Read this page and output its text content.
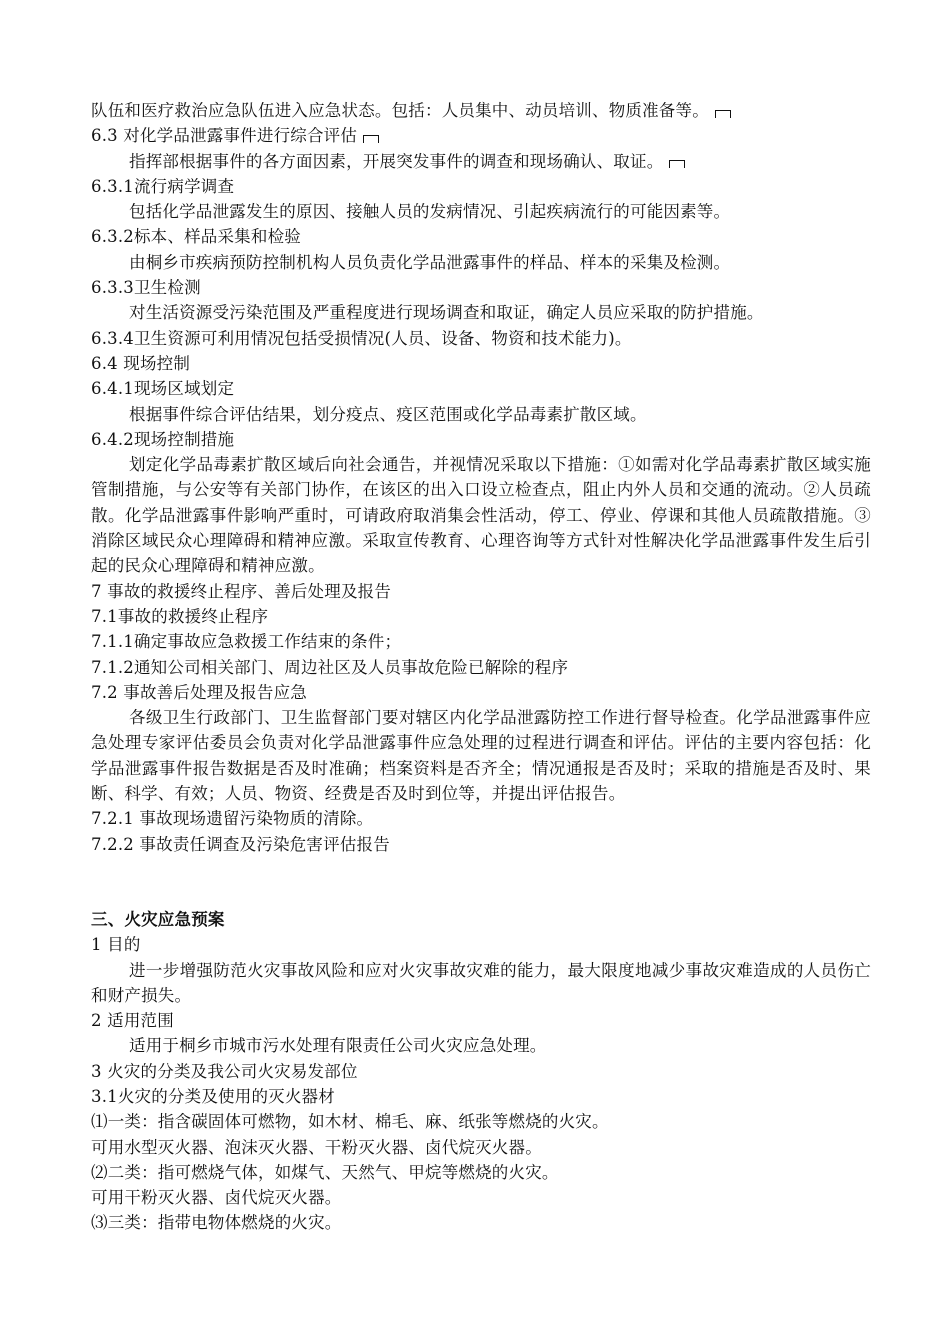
队伍和医疗救治应急队伍进入应急状态。包括：人员集中、动员培训、物质准备等。
6.3 对化学品泄露事件进行综合评估
指挥部根据事件的各方面因素，开展突发事件的调查和现场确认、取证。
6.3.1流行病学调查
包括化学品泄露发生的原因、接触人员的发病情况、引起疾病流行的可能因素等。
6.3.2标本、样品采集和检验
由桐乡市疾病预防控制机构人员负责化学品泄露事件的样品、样本的采集及检测。
6.3.3卫生检测
对生活资源受污染范围及严重程度进行现场调查和取证，确定人员应采取的防护措施。
6.3.4卫生资源可利用情况包括受损情况(人员、设备、物资和技术能力)。
6.4 现场控制
6.4.1现场区域划定
根据事件综合评估结果，划分疫点、疫区范围或化学品毒素扩散区域。
6.4.2现场控制措施
划定化学品毒素扩散区域后向社会通告，并视情况采取以下措施：①如需对化学品毒素扩散区域实施管制措施，与公安等有关部门协作，在该区的出入口设立检查点，阻止内外人员和交通的流动。②人员疏散。化学品泄露事件影响严重时，可请政府取消集会性活动，停工、停业、停课和其他人员疏散措施。③消除区域民众心理障碍和精神应激。采取宣传教育、心理咨询等方式针对性解决化学品泄露事件发生后引起的民众心理障碍和精神应激。
7 事故的救援终止程序、善后处理及报告
7.1事故的救援终止程序
7.1.1确定事故应急救援工作结束的条件；
7.1.2通知公司相关部门、周边社区及人员事故危险已解除的程序
7.2 事故善后处理及报告应急
各级卫生行政部门、卫生监督部门要对辖区内化学品泄露防控工作进行督导检查。化学品泄露事件应急处理专家评估委员会负责对化学品泄露事件应急处理的过程进行调查和评估。评估的主要内容包括：化学品泄露事件报告数据是否及时准确；档案资料是否齐全；情况通报是否及时；采取的措施是否及时、果断、科学、有效；人员、物资、经费是否及时到位等，并提出评估报告。
7.2.1 事故现场遗留污染物质的清除。
7.2.2 事故责任调查及污染危害评估报告
三、火灾应急预案
1 目的
进一步增强防范火灾事故风险和应对火灾事故灾难的能力，最大限度地减少事故灾难造成的人员伤亡和财产损失。
2 适用范围
适用于桐乡市城市污水处理有限责任公司火灾应急处理。
3 火灾的分类及我公司火灾易发部位
3.1火灾的分类及使用的灭火器材
⑴一类：指含碳固体可燃物，如木材、棉毛、麻、纸张等燃烧的火灾。
可用水型灭火器、泡沫灭火器、干粉灭火器、卤代烷灭火器。
⑵二类：指可燃烧气体，如煤气、天然气、甲烷等燃烧的火灾。
可用干粉灭火器、卤代烷灭火器。
⑶三类：指带电物体燃烧的火灾。
